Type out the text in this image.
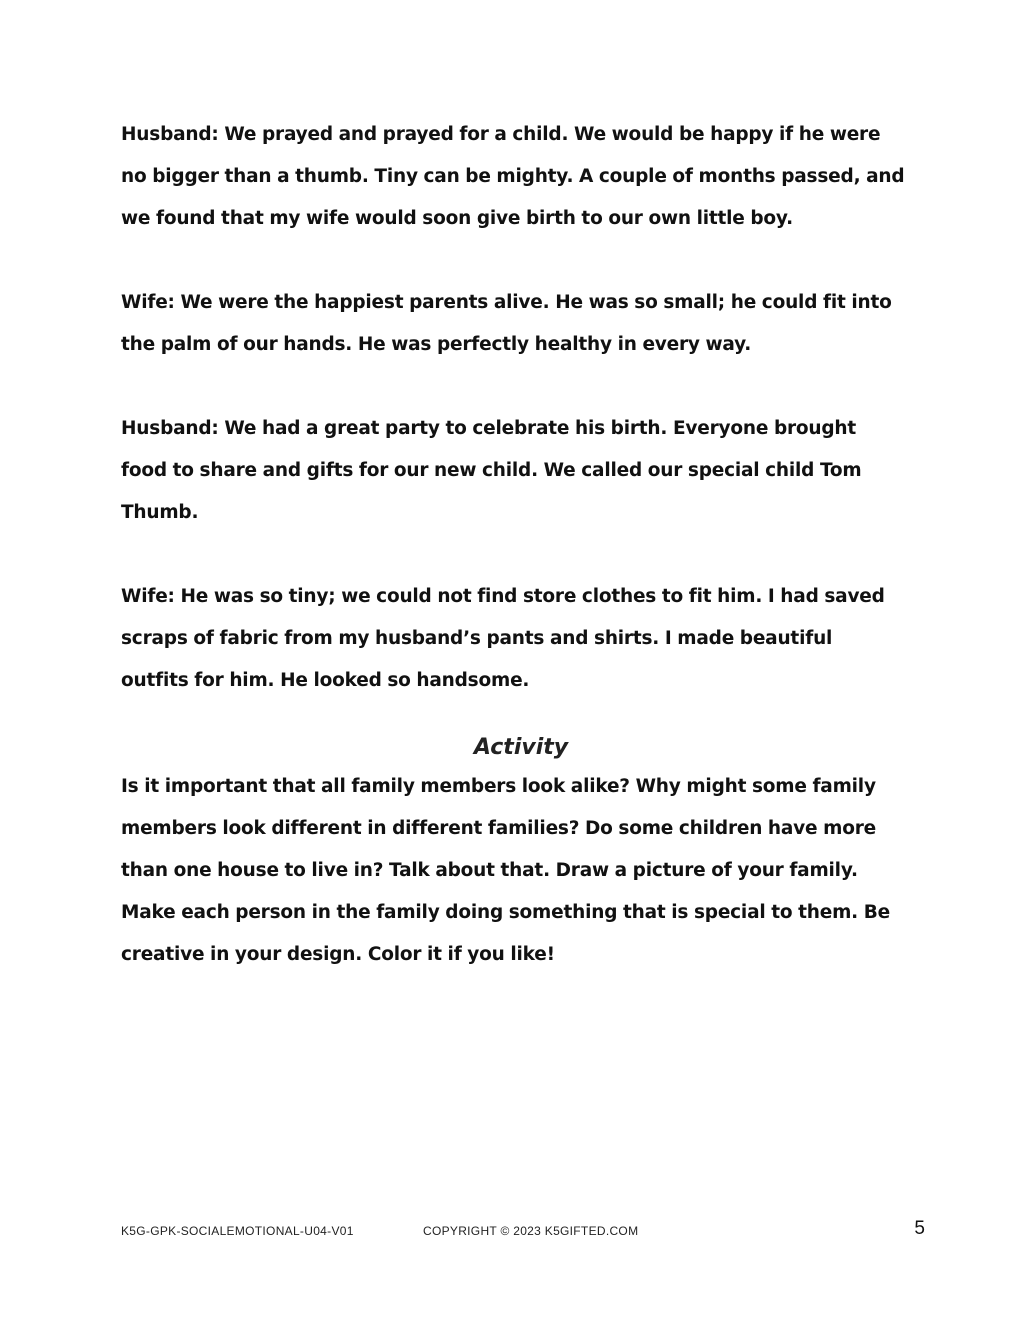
Husband: We prayed and prayed for a child. We would be happy if he were
no bigger than a thumb. Tiny can be mighty. A couple of months passed, and
we found that my wife would soon give birth to our own little boy.

Wife: We were the happiest parents alive. He was so small; he could fit into
the palm of our hands. He was perfectly healthy in every way.

Husband: We had a great party to celebrate his birth. Everyone brought
food to share and gifts for our new child. We called our special child Tom
Thumb.

Wife: He was so tiny; we could not find store clothes to fit him. I had saved
scraps of fabric from my husband’s pants and shirts. I made beautiful
outfits for him. He looked so handsome.

Activity

Is it important that all family members look alike? Why might some family
members look different in different families? Do some children have more
than one house to live in? Talk about that. Draw a picture of your family.
Make each person in the family doing something that is special to them. Be
creative in your design. Color it if you like!

K5G-GPK-SOCIALEMOTIONAL-U04-V01	COPYRIGHT © 2023 K5GIFTED.COM	5
